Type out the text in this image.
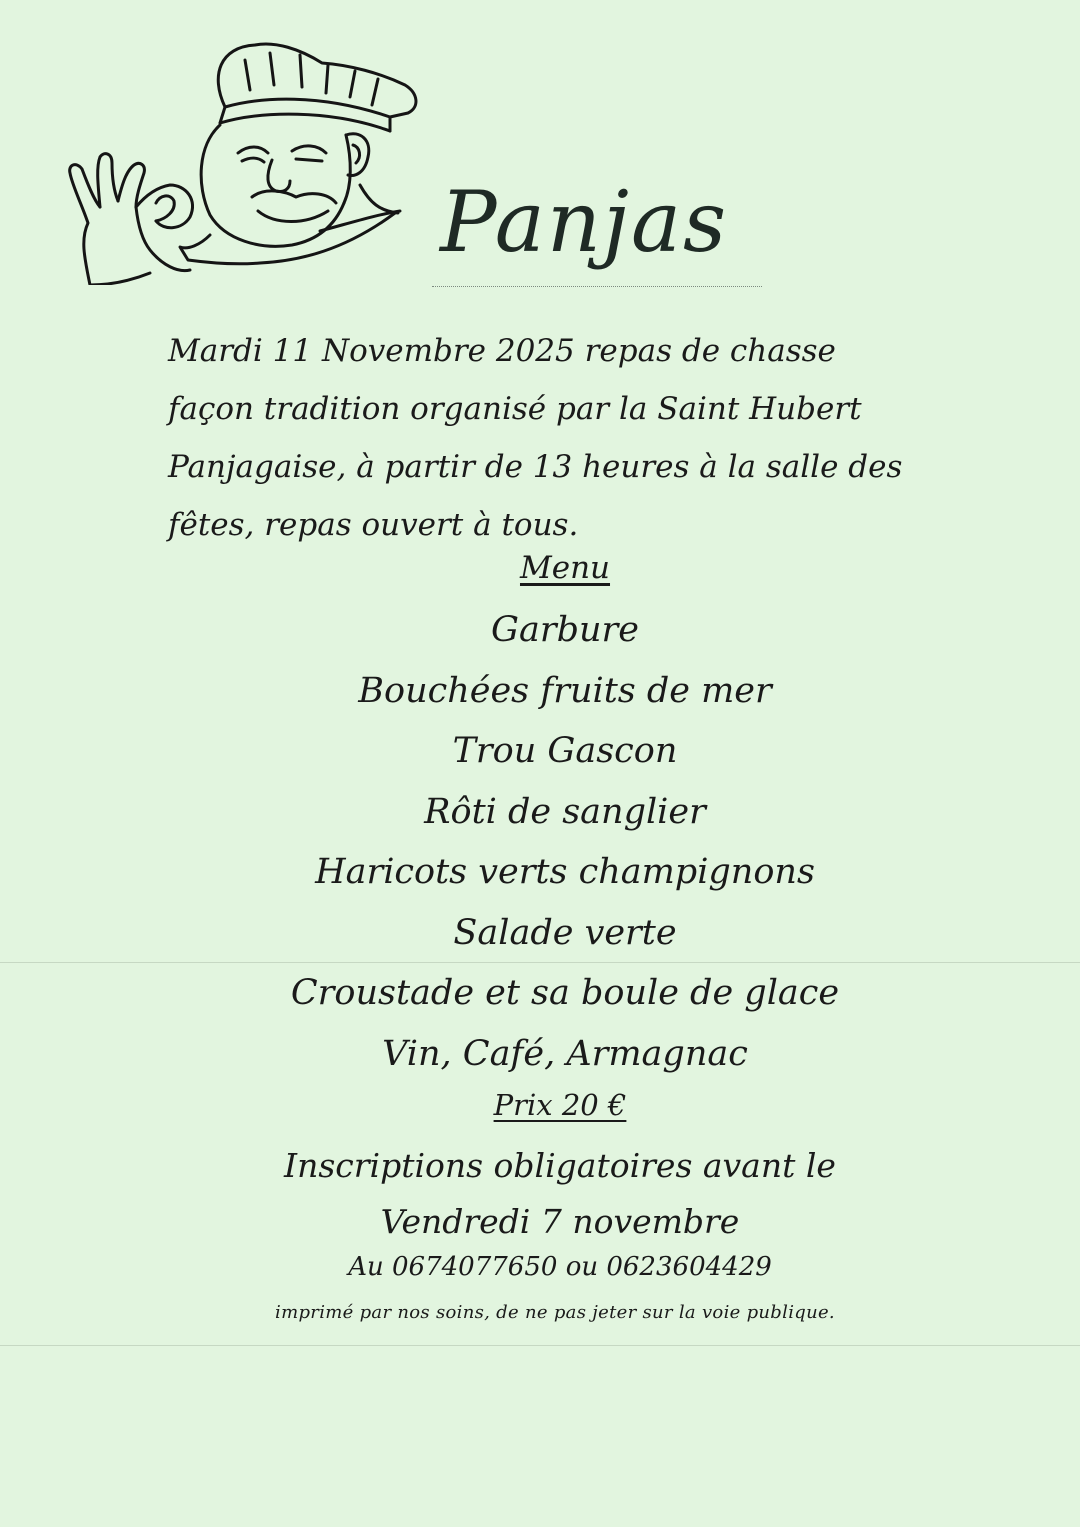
Panjas

Mardi 11 Novembre 2025 repas de chasse
façon tradition organisé par la Saint Hubert
Panjagaise, à partir de 13 heures à la salle des
fêtes, repas ouvert à tous.

Menu
Garbure
Bouchées fruits de mer
Trou Gascon
Rôti de sanglier
Haricots verts champignons
Salade verte
Croustade et sa boule de glace
Vin, Café, Armagnac

Prix 20 €

Inscriptions obligatoires avant le
Vendredi 7 novembre

Au 0674077650 ou 0623604429

imprimé par nos soins, de ne pas jeter sur la voie publique.
